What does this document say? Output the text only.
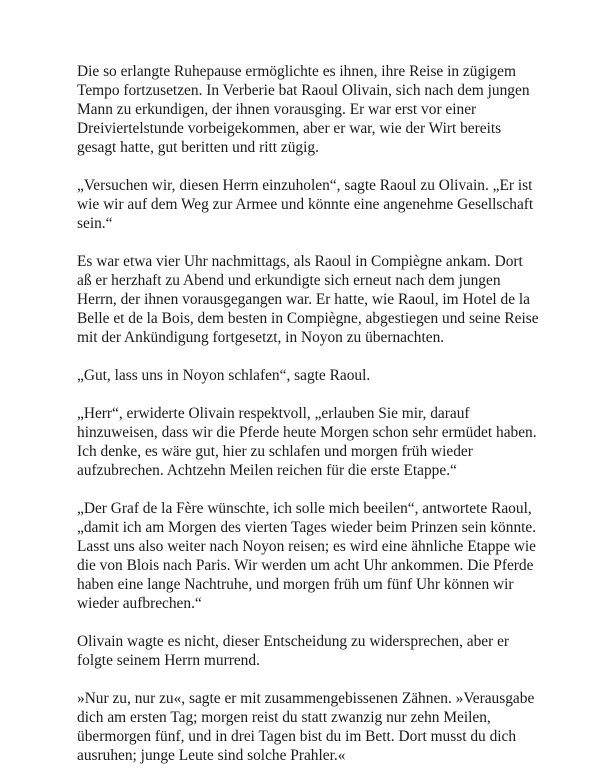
Die so erlangte Ruhepause ermöglichte es ihnen, ihre Reise in zügigem Tempo fortzusetzen. In Verberie bat Raoul Olivain, sich nach dem jungen Mann zu erkundigen, der ihnen vorausging. Er war erst vor einer Dreiviertelstunde vorbeigekommen, aber er war, wie der Wirt bereits gesagt hatte, gut beritten und ritt zügig.

„Versuchen wir, diesen Herrn einzuholen“, sagte Raoul zu Olivain. „Er ist wie wir auf dem Weg zur Armee und könnte eine angenehme Gesellschaft sein.“

Es war etwa vier Uhr nachmittags, als Raoul in Compiègne ankam. Dort aß er herzhaft zu Abend und erkundigte sich erneut nach dem jungen Herrn, der ihnen vorausgegangen war. Er hatte, wie Raoul, im Hotel de la Belle et de la Bois, dem besten in Compiègne, abgestiegen und seine Reise mit der Ankündigung fortgesetzt, in Noyon zu übernachten.

„Gut, lass uns in Noyon schlafen“, sagte Raoul.

„Herr“, erwiderte Olivain respektvoll, „erlauben Sie mir, darauf hinzuweisen, dass wir die Pferde heute Morgen schon sehr ermüdet haben. Ich denke, es wäre gut, hier zu schlafen und morgen früh wieder aufzubrechen. Achtzehn Meilen reichen für die erste Etappe.“

„Der Graf de la Fère wünschte, ich solle mich beeilen“, antwortete Raoul, „damit ich am Morgen des vierten Tages wieder beim Prinzen sein könnte. Lasst uns also weiter nach Noyon reisen; es wird eine ähnliche Etappe wie die von Blois nach Paris. Wir werden um acht Uhr ankommen. Die Pferde haben eine lange Nachtruhe, und morgen früh um fünf Uhr können wir wieder aufbrechen.“

Olivain wagte es nicht, dieser Entscheidung zu widersprechen, aber er folgte seinem Herrn murrend.

»Nur zu, nur zu«, sagte er mit zusammengebissenen Zähnen. »Verausgabe dich am ersten Tag; morgen reist du statt zwanzig nur zehn Meilen, übermorgen fünf, und in drei Tagen bist du im Bett. Dort musst du dich ausruhen; junge Leute sind solche Prahler.«
